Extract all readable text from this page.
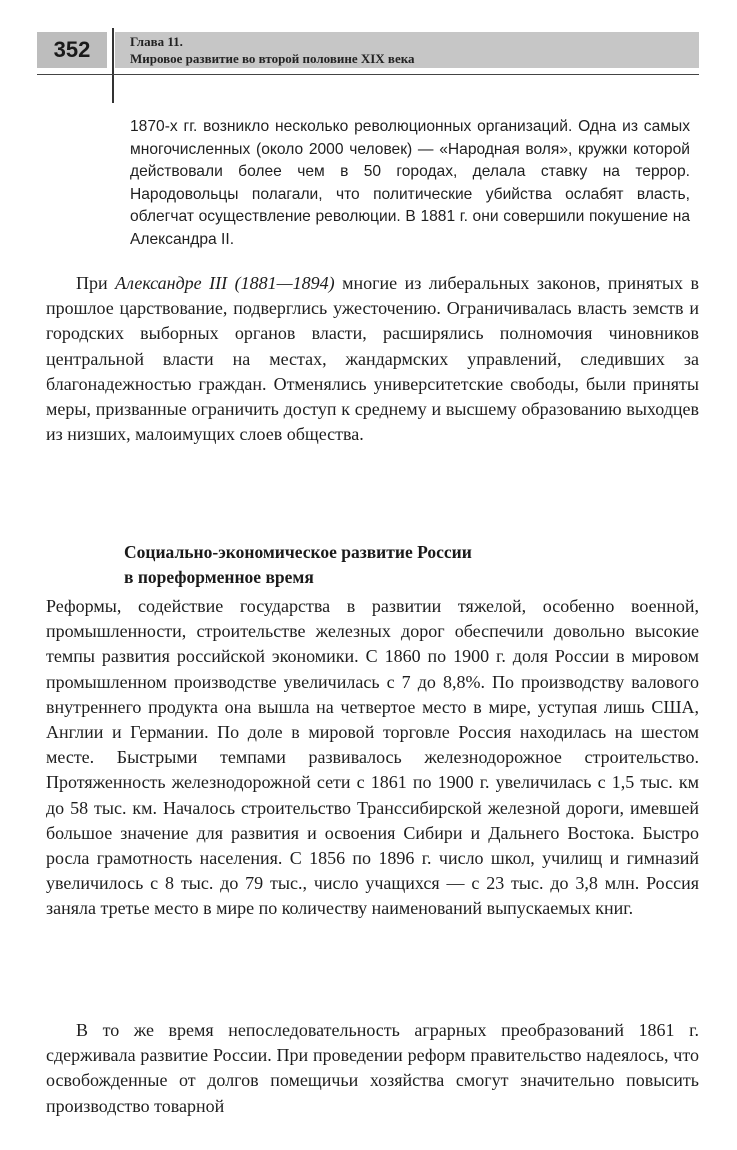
352	Глава 11.
Мировое развитие во второй половине XIX века
1870-х гг. возникло несколько революционных организаций. Одна из самых многочисленных (около 2000 человек) — «Народная воля», кружки которой действовали более чем в 50 городах, делала ставку на террор. Народовольцы полагали, что политические убийства ослабят власть, облегчат осуществление революции. В 1881 г. они совершили покушение на Александра II.

При Александре III (1881—1894) многие из либеральных законов, принятых в прошлое царствование, подверглись ужесточению. Ограничивалась власть земств и городских выборных органов власти, расширялись полномочия чиновников центральной власти на местах, жандармских управлений, следивших за благонадежностью граждан. Отменялись университетские свободы, были приняты меры, призванные ограничить доступ к среднему и высшему образованию выходцев из низших, малоимущих слоев общества.

Социально-экономическое развитие России
в пореформенное время

Реформы, содействие государства в развитии тяжелой, особенно военной, промышленности, строительстве железных дорог обеспечили довольно высокие темпы развития российской экономики. С 1860 по 1900 г. доля России в мировом промышленном производстве увеличилась с 7 до 8,8%. По производству валового внутреннего продукта она вышла на четвертое место в мире, уступая лишь США, Англии и Германии. По доле в мировой торговле Россия находилась на шестом месте. Быстрыми темпами развивалось железнодорожное строительство. Протяженность железнодорожной сети с 1861 по 1900 г. увеличилась с 1,5 тыс. км до 58 тыс. км. Началось строительство Транссибирской железной дороги, имевшей большое значение для развития и освоения Сибири и Дальнего Востока. Быстро росла грамотность населения. С 1856 по 1896 г. число школ, училищ и гимназий увеличилось с 8 тыс. до 79 тыс., число учащихся — с 23 тыс. до 3,8 млн. Россия заняла третье место в мире по количеству наименований выпускаемых книг.

В то же время непоследовательность аграрных преобразований 1861 г. сдерживала развитие России. При проведении реформ правительство надеялось, что освобожденные от долгов помещичьи хозяйства смогут значительно повысить производство товарной
